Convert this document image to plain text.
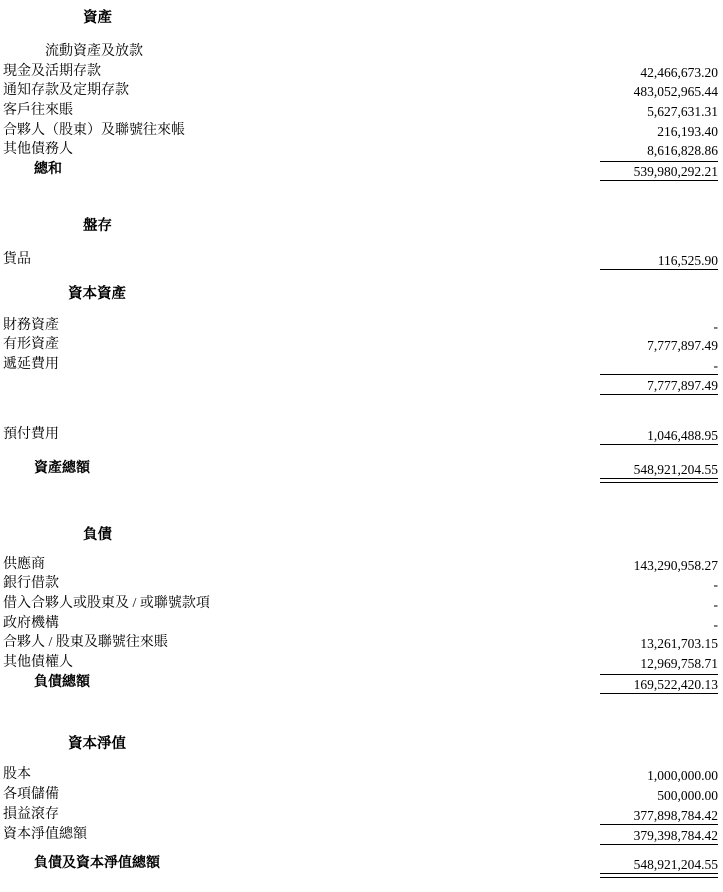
資產
流動資產及放款
現金及活期存款	42,466,673.20
通知存款及定期存款	483,052,965.44
客戶往來賬	5,627,631.31
合夥人（股東）及聯號往來帳	216,193.40
其他債務人	8,616,828.86
總和	539,980,292.21
盤存
貨品	116,525.90
資本資產
財務資產	-
有形資產	7,777,897.49
遞延費用	-
7,777,897.49
預付費用	1,046,488.95
資產總額	548,921,204.55
負債
供應商	143,290,958.27
銀行借款	-
借入合夥人或股東及 / 或聯號款項	-
政府機構	-
合夥人 / 股東及聯號往來賬	13,261,703.15
其他債權人	12,969,758.71
負債總額	169,522,420.13
資本淨值
股本	1,000,000.00
各項儲備	500,000.00
損益滾存	377,898,784.42
資本淨值總額	379,398,784.42
負債及資本淨值總額	548,921,204.55
